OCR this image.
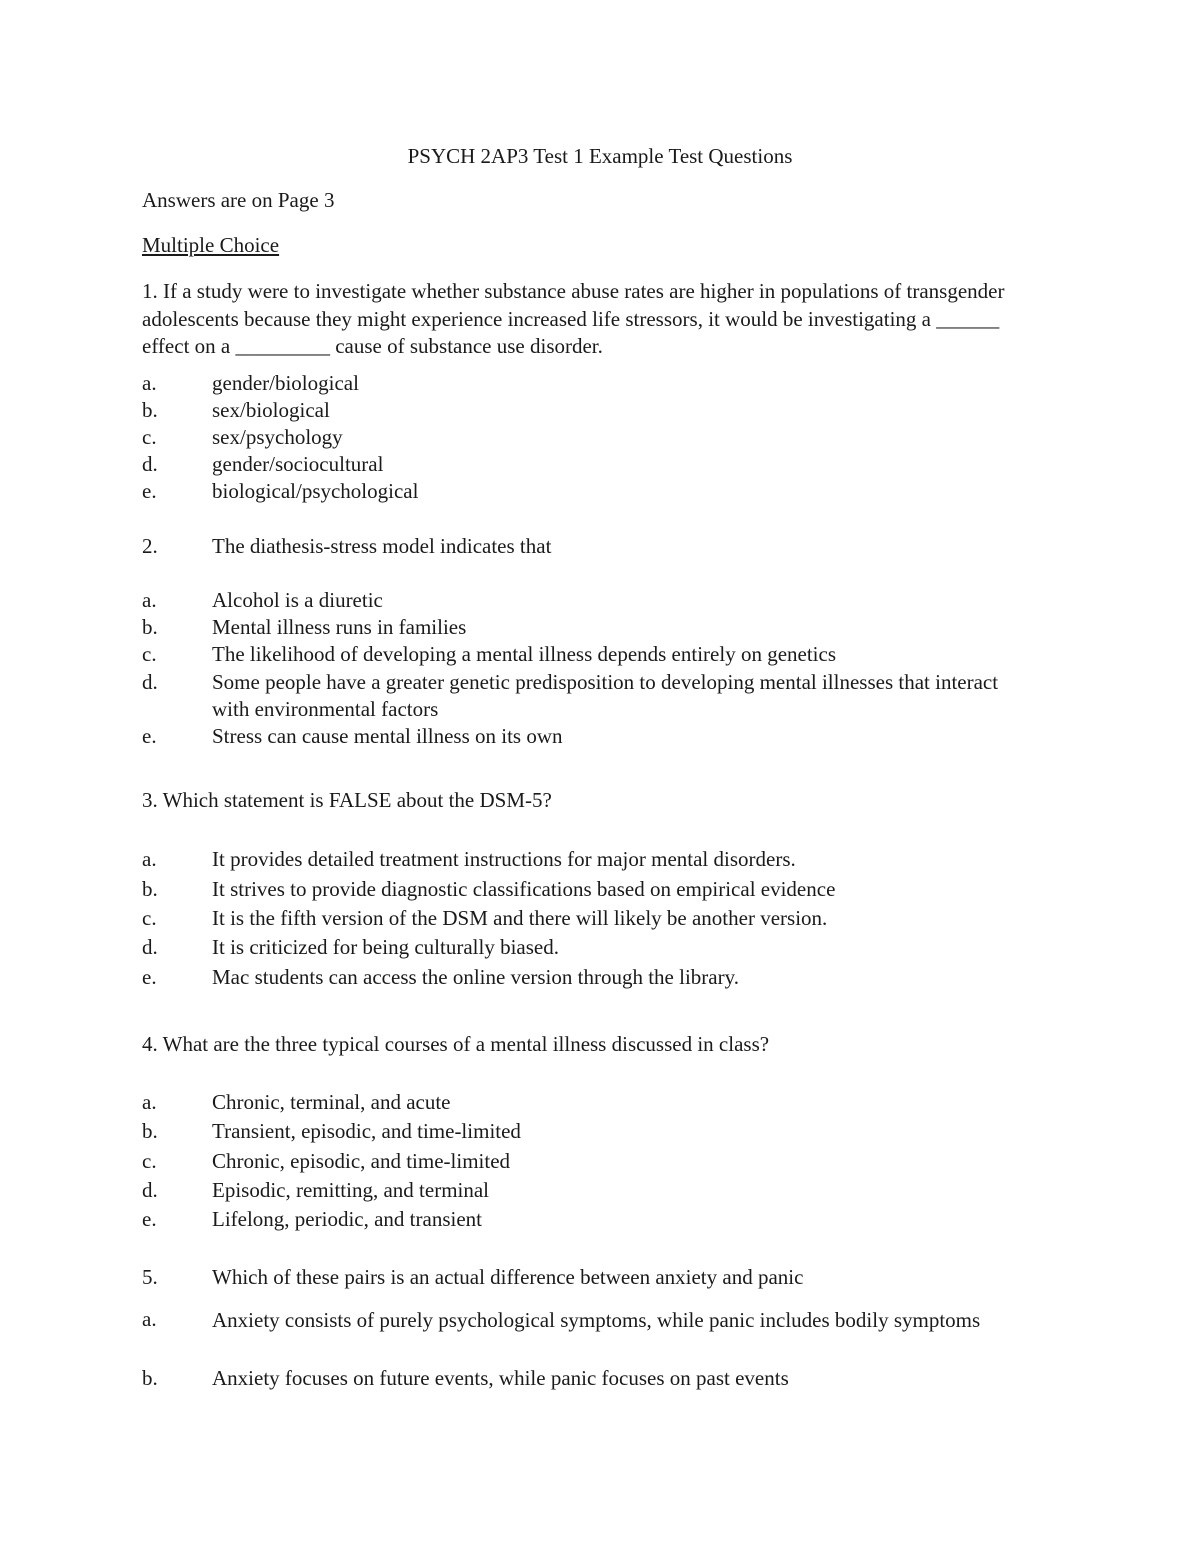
PSYCH 2AP3 Test 1 Example Test Questions
Answers are on Page 3
Multiple Choice
1. If a study were to investigate whether substance abuse rates are higher in populations of transgender adolescents because they might experience increased life stressors, it would be investigating a ______ effect on a _________ cause of substance use disorder.
a.	gender/biological
b.	sex/biological
c.	sex/psychology
d.	gender/sociocultural
e.	biological/psychological
2.	The diathesis-stress model indicates that
a.	Alcohol is a diuretic
b.	Mental illness runs in families
c.	The likelihood of developing a mental illness depends entirely on genetics
d.	Some people have a greater genetic predisposition to developing mental illnesses that interact with environmental factors
e.	Stress can cause mental illness on its own
3. Which statement is FALSE about the DSM-5?
a.	It provides detailed treatment instructions for major mental disorders.
b.	It strives to provide diagnostic classifications based on empirical evidence
c.	It is the fifth version of the DSM and there will likely be another version.
d.	It is criticized for being culturally biased.
e.	Mac students can access the online version through the library.
4. What are the three typical courses of a mental illness discussed in class?
a.	Chronic, terminal, and acute
b.	Transient, episodic, and time-limited
c.	Chronic, episodic, and time-limited
d.	Episodic, remitting, and terminal
e.	Lifelong, periodic, and transient
5.	Which of these pairs is an actual difference between anxiety and panic
a.	Anxiety consists of purely psychological symptoms, while panic includes bodily symptoms
b.	Anxiety focuses on future events, while panic focuses on past events
